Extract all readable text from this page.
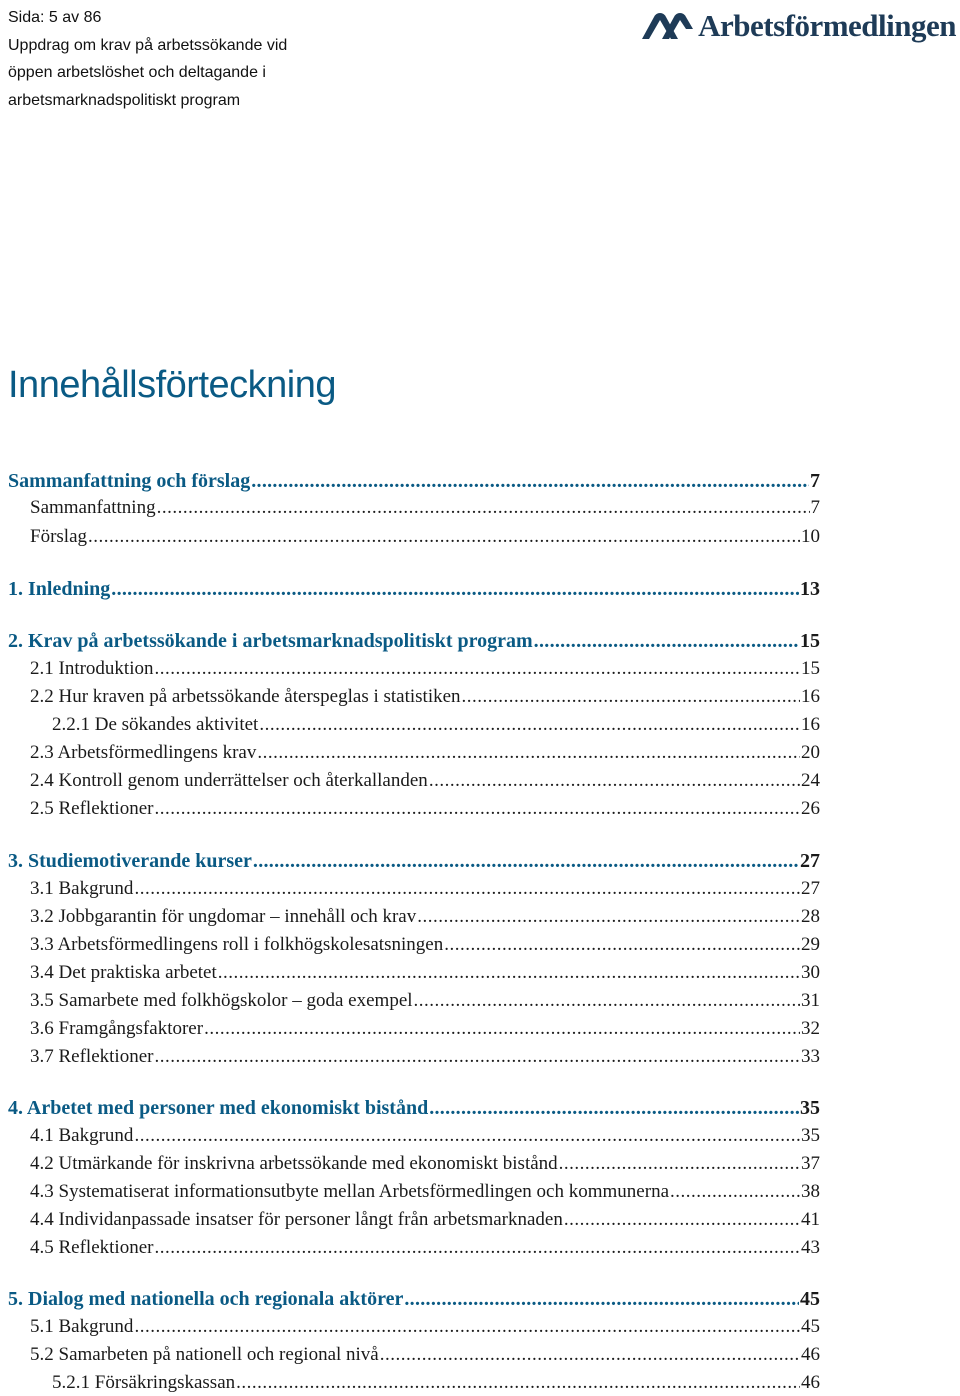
Sida: 5 av 86
Uppdrag om krav på arbetssökande vid
öppen arbetslöshet och deltagande i
arbetsmarknadspolitiskt program
Arbetsförmedlingen
Innehållsförteckning
Sammanfattning och förslag .....	7
Sammanfattning .....	7
Förslag .....	10
1. Inledning .....	13
2. Krav på arbetssökande i arbetsmarknadspolitiskt program .....	15
2.1 Introduktion .....	15
2.2 Hur kraven på arbetssökande återspeglas i statistiken .....	16
2.2.1 De sökandes aktivitet .....	16
2.3 Arbetsförmedlingens krav .....	20
2.4 Kontroll genom underrättelser och återkallanden .....	24
2.5 Reflektioner .....	26
3. Studiemotiverande kurser .....	27
3.1 Bakgrund .....	27
3.2 Jobbgarantin för ungdomar – innehåll och krav .....	28
3.3 Arbetsförmedlingens roll i folkhögskolesatsningen .....	29
3.4 Det praktiska arbetet .....	30
3.5 Samarbete med folkhögskolor – goda exempel .....	31
3.6 Framgångsfaktorer .....	32
3.7 Reflektioner .....	33
4. Arbetet med personer med ekonomiskt bistånd .....	35
4.1 Bakgrund .....	35
4.2 Utmärkande för inskrivna arbetssökande med ekonomiskt bistånd .....	37
4.3 Systematiserat informationsutbyte mellan Arbetsförmedlingen och kommunerna .....	38
4.4 Individanpassade insatser för personer långt från arbetsmarknaden .....	41
4.5 Reflektioner .....	43
5. Dialog med nationella och regionala aktörer .....	45
5.1 Bakgrund .....	45
5.2 Samarbeten på nationell och regional nivå .....	46
5.2.1 Försäkringskassan .....	46
